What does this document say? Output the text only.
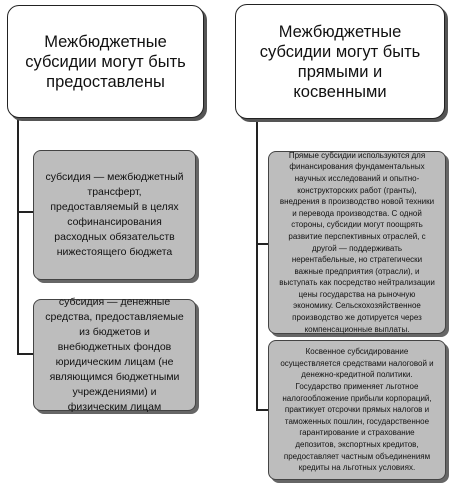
Межбюджетные
субсидии могут быть
предоставлены
субсидия — межбюджетный трансферт, предоставляемый в целях софинансирования расходных обязательств нижестоящего бюджета
субсидия — денежные средства, предоставляемые из бюджетов и внебюджетных фондов юридическим лицам (не являющимся бюджетными учреждениями) и физическим лицам
Межбюджетные
субсидии могут быть
прямыми и
косвенными
Прямые субсидии используются для финансирования фундаментальных научных исследований и опытно-конструкторских работ (гранты), внедрения в производство новой техники и перевода производства. С одной стороны, субсидии могут поощрять развитие перспективных отраслей, с другой — поддерживать нерентабельные, но стратегически важные предприятия (отрасли), и выступать как посредство нейтрализации цены государства на рыночную экономику. Сельскохозяйственное производство же дотируется через компенсационные выплаты.
Косвенное субсидирование осуществляется средствами налоговой и денежно-кредитной политики. Государство применяет льготное налогообложение прибыли корпораций, практикует отсрочки прямых налогов и таможенных пошлин, государственное гарантирование и страхование депозитов, экспортных кредитов, предоставляет частным объединениям кредиты на льготных условиях.
